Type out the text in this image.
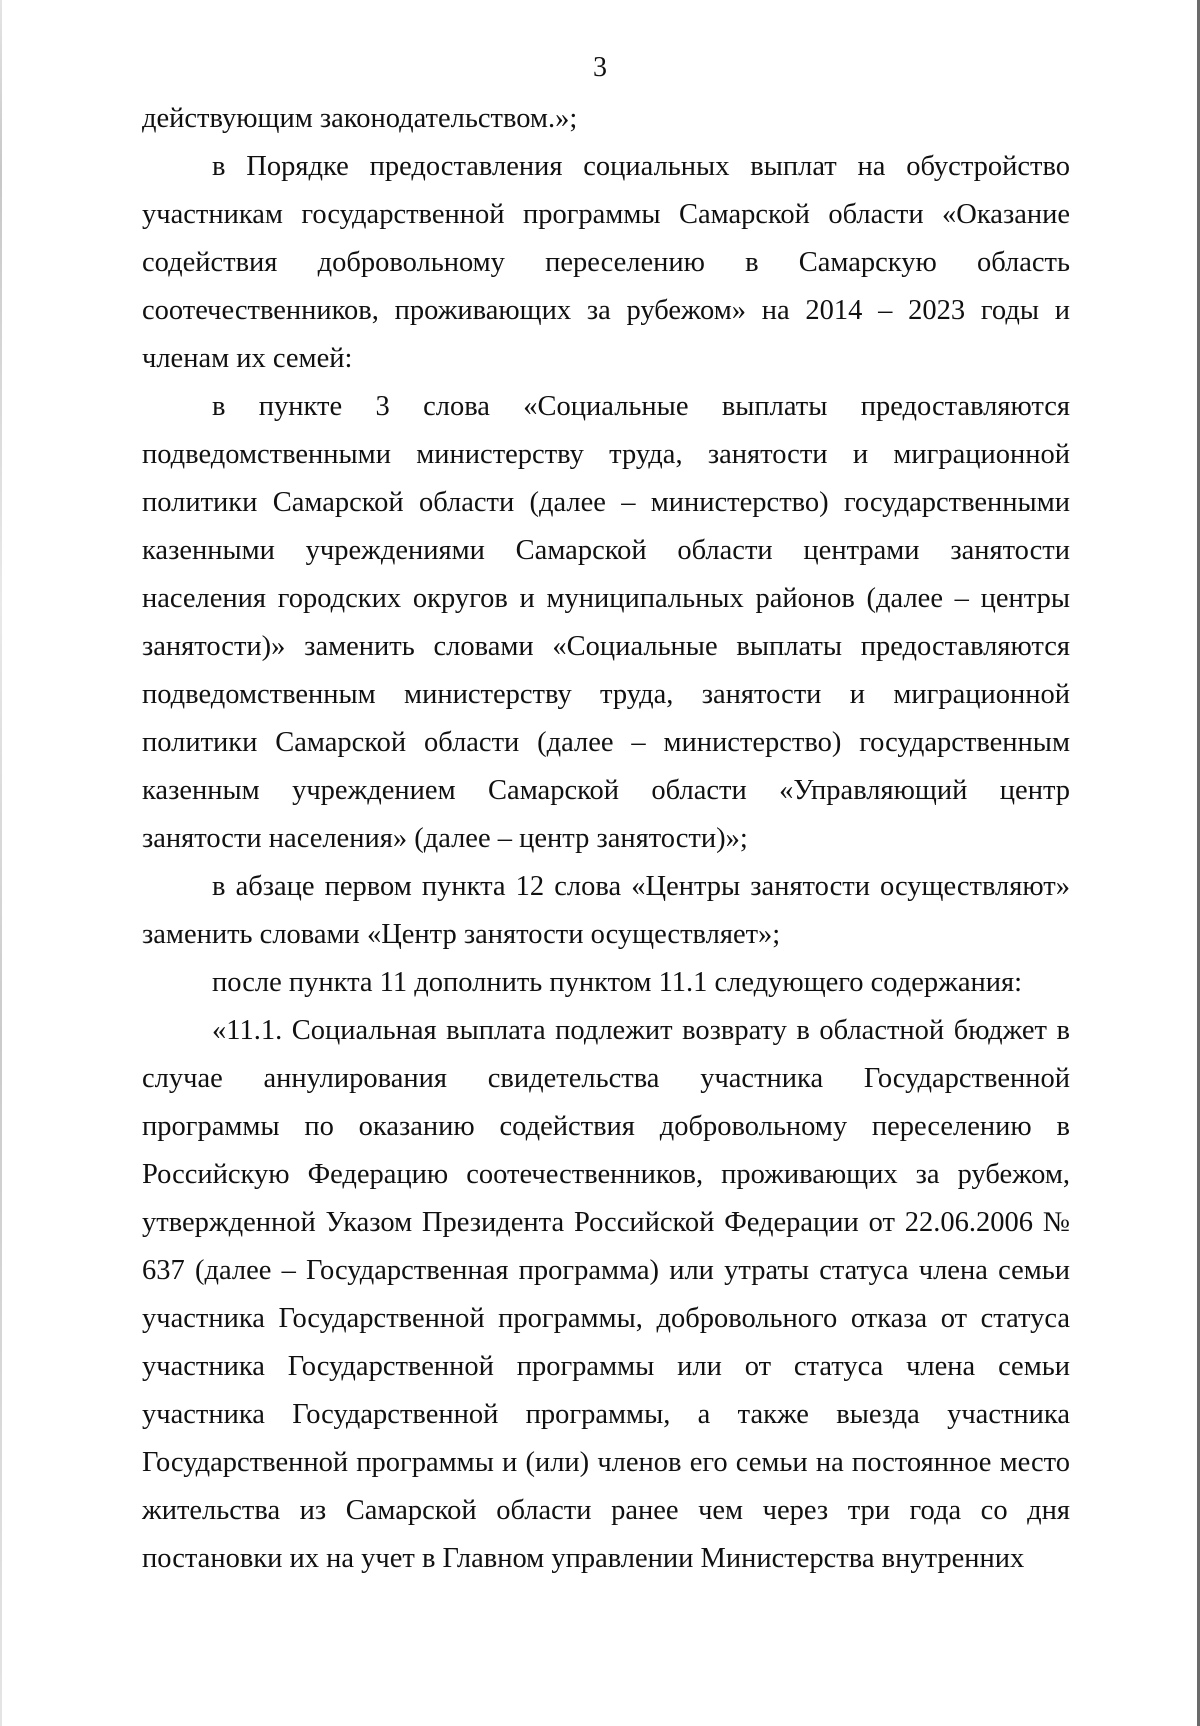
3

действующим законодательством.»;

в Порядке предоставления социальных выплат на обустройство участникам государственной программы Самарской области «Оказание содействия добровольному переселению в Самарскую область соотечественников, проживающих за рубежом» на 2014 – 2023 годы и членам их семей:

в пункте 3 слова «Социальные выплаты предоставляются подведомственными министерству труда, занятости и миграционной политики Самарской области (далее – министерство) государственными казенными учреждениями Самарской области центрами занятости населения городских округов и муниципальных районов (далее – центры занятости)» заменить словами «Социальные выплаты предоставляются подведомственным министерству труда, занятости и миграционной политики Самарской области (далее – министерство) государственным казенным учреждением Самарской области «Управляющий центр занятости населения» (далее – центр занятости)»;

в абзаце первом пункта 12 слова «Центры занятости осуществляют» заменить словами «Центр занятости осуществляет»;

после пункта 11 дополнить пунктом 11.1 следующего содержания:

«11.1. Социальная выплата подлежит возврату в областной бюджет в случае аннулирования свидетельства участника Государственной программы по оказанию содействия добровольному переселению в Российскую Федерацию соотечественников, проживающих за рубежом, утвержденной Указом Президента Российской Федерации от 22.06.2006 № 637 (далее – Государственная программа) или утраты статуса члена семьи участника Государственной программы, добровольного отказа от статуса участника Государственной программы или от статуса члена семьи участника Государственной программы, а также выезда участника Государственной программы и (или) членов его семьи на постоянное место жительства из Самарской области ранее чем через три года со дня постановки их на учет в Главном управлении Министерства внутренних
